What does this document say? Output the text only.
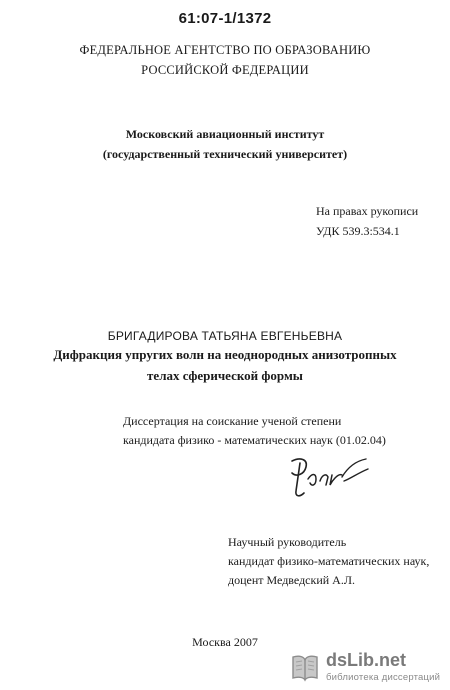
61:07-1/1372
ФЕДЕРАЛЬНОЕ АГЕНТСТВО ПО ОБРАЗОВАНИЮ
РОССИЙСКОЙ ФЕДЕРАЦИИ
Московский авиационный институт
(государственный технический университет)
На правах рукописи
УДК 539.3:534.1
БРИГАДИРОВА ТАТЬЯНА ЕВГЕНЬЕВНА
Дифракция упругих волн на неоднородных анизотропных
телах сферической формы
Диссертация на соискание ученой степени
кандидата физико - математических наук (01.02.04)
Научный руководитель
кандидат физико-математических наук,
доцент Медведский А.Л.
Москва 2007
dsLib.net
библиотека диссертаций
